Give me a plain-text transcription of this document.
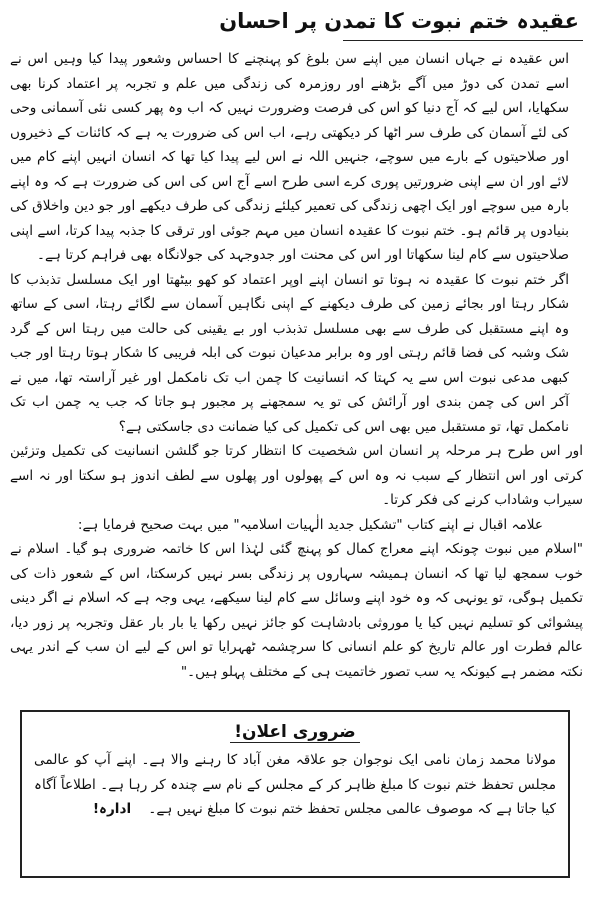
عقیدہ ختم نبوت کا تمدن پر احسان

اس عقیدہ نے جہاں انسان میں اپنے سن بلوغ کو پہنچنے کا احساس وشعور پیدا کیا وہیں اس نے اسے تمدن کی دوڑ میں آگے بڑھنے اور روزمرہ کی زندگی میں علم و تجربہ پر اعتماد کرنا بھی سکھایا، اس لیے کہ آج دنیا کو اس کی فرصت وضرورت نہیں کہ اب وہ پھر کسی نئی آسمانی وحی کی لئے آسمان کی طرف سر اٹھا کر دیکھتی رہے، اب اس کی ضرورت یہ ہے کہ کائنات کے ذخیروں اور صلاحیتوں کے بارے میں سوچے، جنہیں اللہ نے اس لیے پیدا کیا تھا کہ انسان انہیں اپنے کام میں لائے اور ان سے اپنی ضرورتیں پوری کرے اسی طرح اسے آج اس کی اس کی ضرورت ہے کہ وہ اپنے بارہ میں سوچے اور ایک اچھی زندگی کی تعمیر کیلئے زندگی کی طرف دیکھے اور جو دین واخلاق کی بنیادوں پر قائم ہو۔ ختم نبوت کا عقیدہ انسان میں مہم جوئی اور ترقی کا جذبہ پیدا کرتا، اسے اپنی صلاحیتوں سے کام لینا سکھاتا اور اس کی محنت اور جدوجہد کی جولانگاہ بھی فراہم کرتا ہے۔

اگر ختم نبوت کا عقیدہ نہ ہوتا تو انسان اپنے اوپر اعتماد کو کھو بیٹھتا اور ایک مسلسل تذبذب کا شکار رہتا اور بجائے زمین کی طرف دیکھنے کے اپنی نگاہیں آسمان سے لگائے رہتا، اسی کے ساتھ وہ اپنے مستقبل کی طرف سے بھی مسلسل تذبذب اور بے یقینی کی حالت میں رہتا اس کے گرد شک وشبہ کی فضا قائم رہتی اور وہ برابر مدعیان نبوت کی ابلہ فریبی کا شکار ہوتا رہتا اور جب کبھی مدعی نبوت اس سے یہ کہتا کہ انسانیت کا چمن اب تک نامکمل اور غیر آراستہ تھا، میں نے آکر اس کی چمن بندی اور آرائش کی تو یہ سمجھنے پر مجبور ہو جاتا کہ جب یہ چمن اب تک نامکمل تھا، تو مستقبل میں بھی اس کی تکمیل کی کیا ضمانت دی جاسکتی ہے؟

اور اس طرح ہر مرحلہ پر انسان اس شخصیت کا انتظار کرتا جو گلشن انسانیت کی تکمیل وتزئین کرتی اور اس انتظار کے سبب نہ وہ اس کے پھولوں اور پھلوں سے لطف اندوز ہو سکتا اور نہ اسے سیراب وشاداب کرنے کی فکر کرتا۔

علامہ اقبال نے اپنے کتاب "تشکیل جدید الٰہیات اسلامیہ" میں بہت صحیح فرمایا ہے:

"اسلام میں نبوت چونکہ اپنے معراج کمال کو پہنچ گئی لہٰذا اس کا خاتمہ ضروری ہو گیا۔ اسلام نے خوب سمجھ لیا تھا کہ انسان ہمیشہ سہاروں پر زندگی بسر نہیں کرسکتا، اس کے شعور ذات کی تکمیل ہوگی، تو یونہی کہ وہ خود اپنے وسائل سے کام لینا سیکھے، یہی وجہ ہے کہ اسلام نے اگر دینی پیشوائی کو تسلیم نہیں کیا یا موروثی بادشاہت کو جائز نہیں رکھا یا بار بار عقل وتجربہ پر زور دیا، عالم فطرت اور عالم تاریخ کو علم انسانی کا سرچشمہ ٹھہرایا تو اس کے لیے ان سب کے اندر یہی نکتہ مضمر ہے کیونکہ یہ سب تصور خاتمیت ہی کے مختلف پہلو ہیں۔"

ضروری اعلان!
مولانا محمد زمان نامی ایک نوجوان جو علاقہ مغن آباد کا رہنے والا ہے۔ اپنے آپ کو عالمی مجلس تحفظ ختم نبوت کا مبلغ ظاہر کر کے مجلس کے نام سے چندہ کر رہا ہے۔ اطلاعاً آگاہ کیا جاتا ہے کہ موصوف عالمی مجلس تحفظ ختم نبوت کا مبلغ نہیں ہے۔    ادارہ!
